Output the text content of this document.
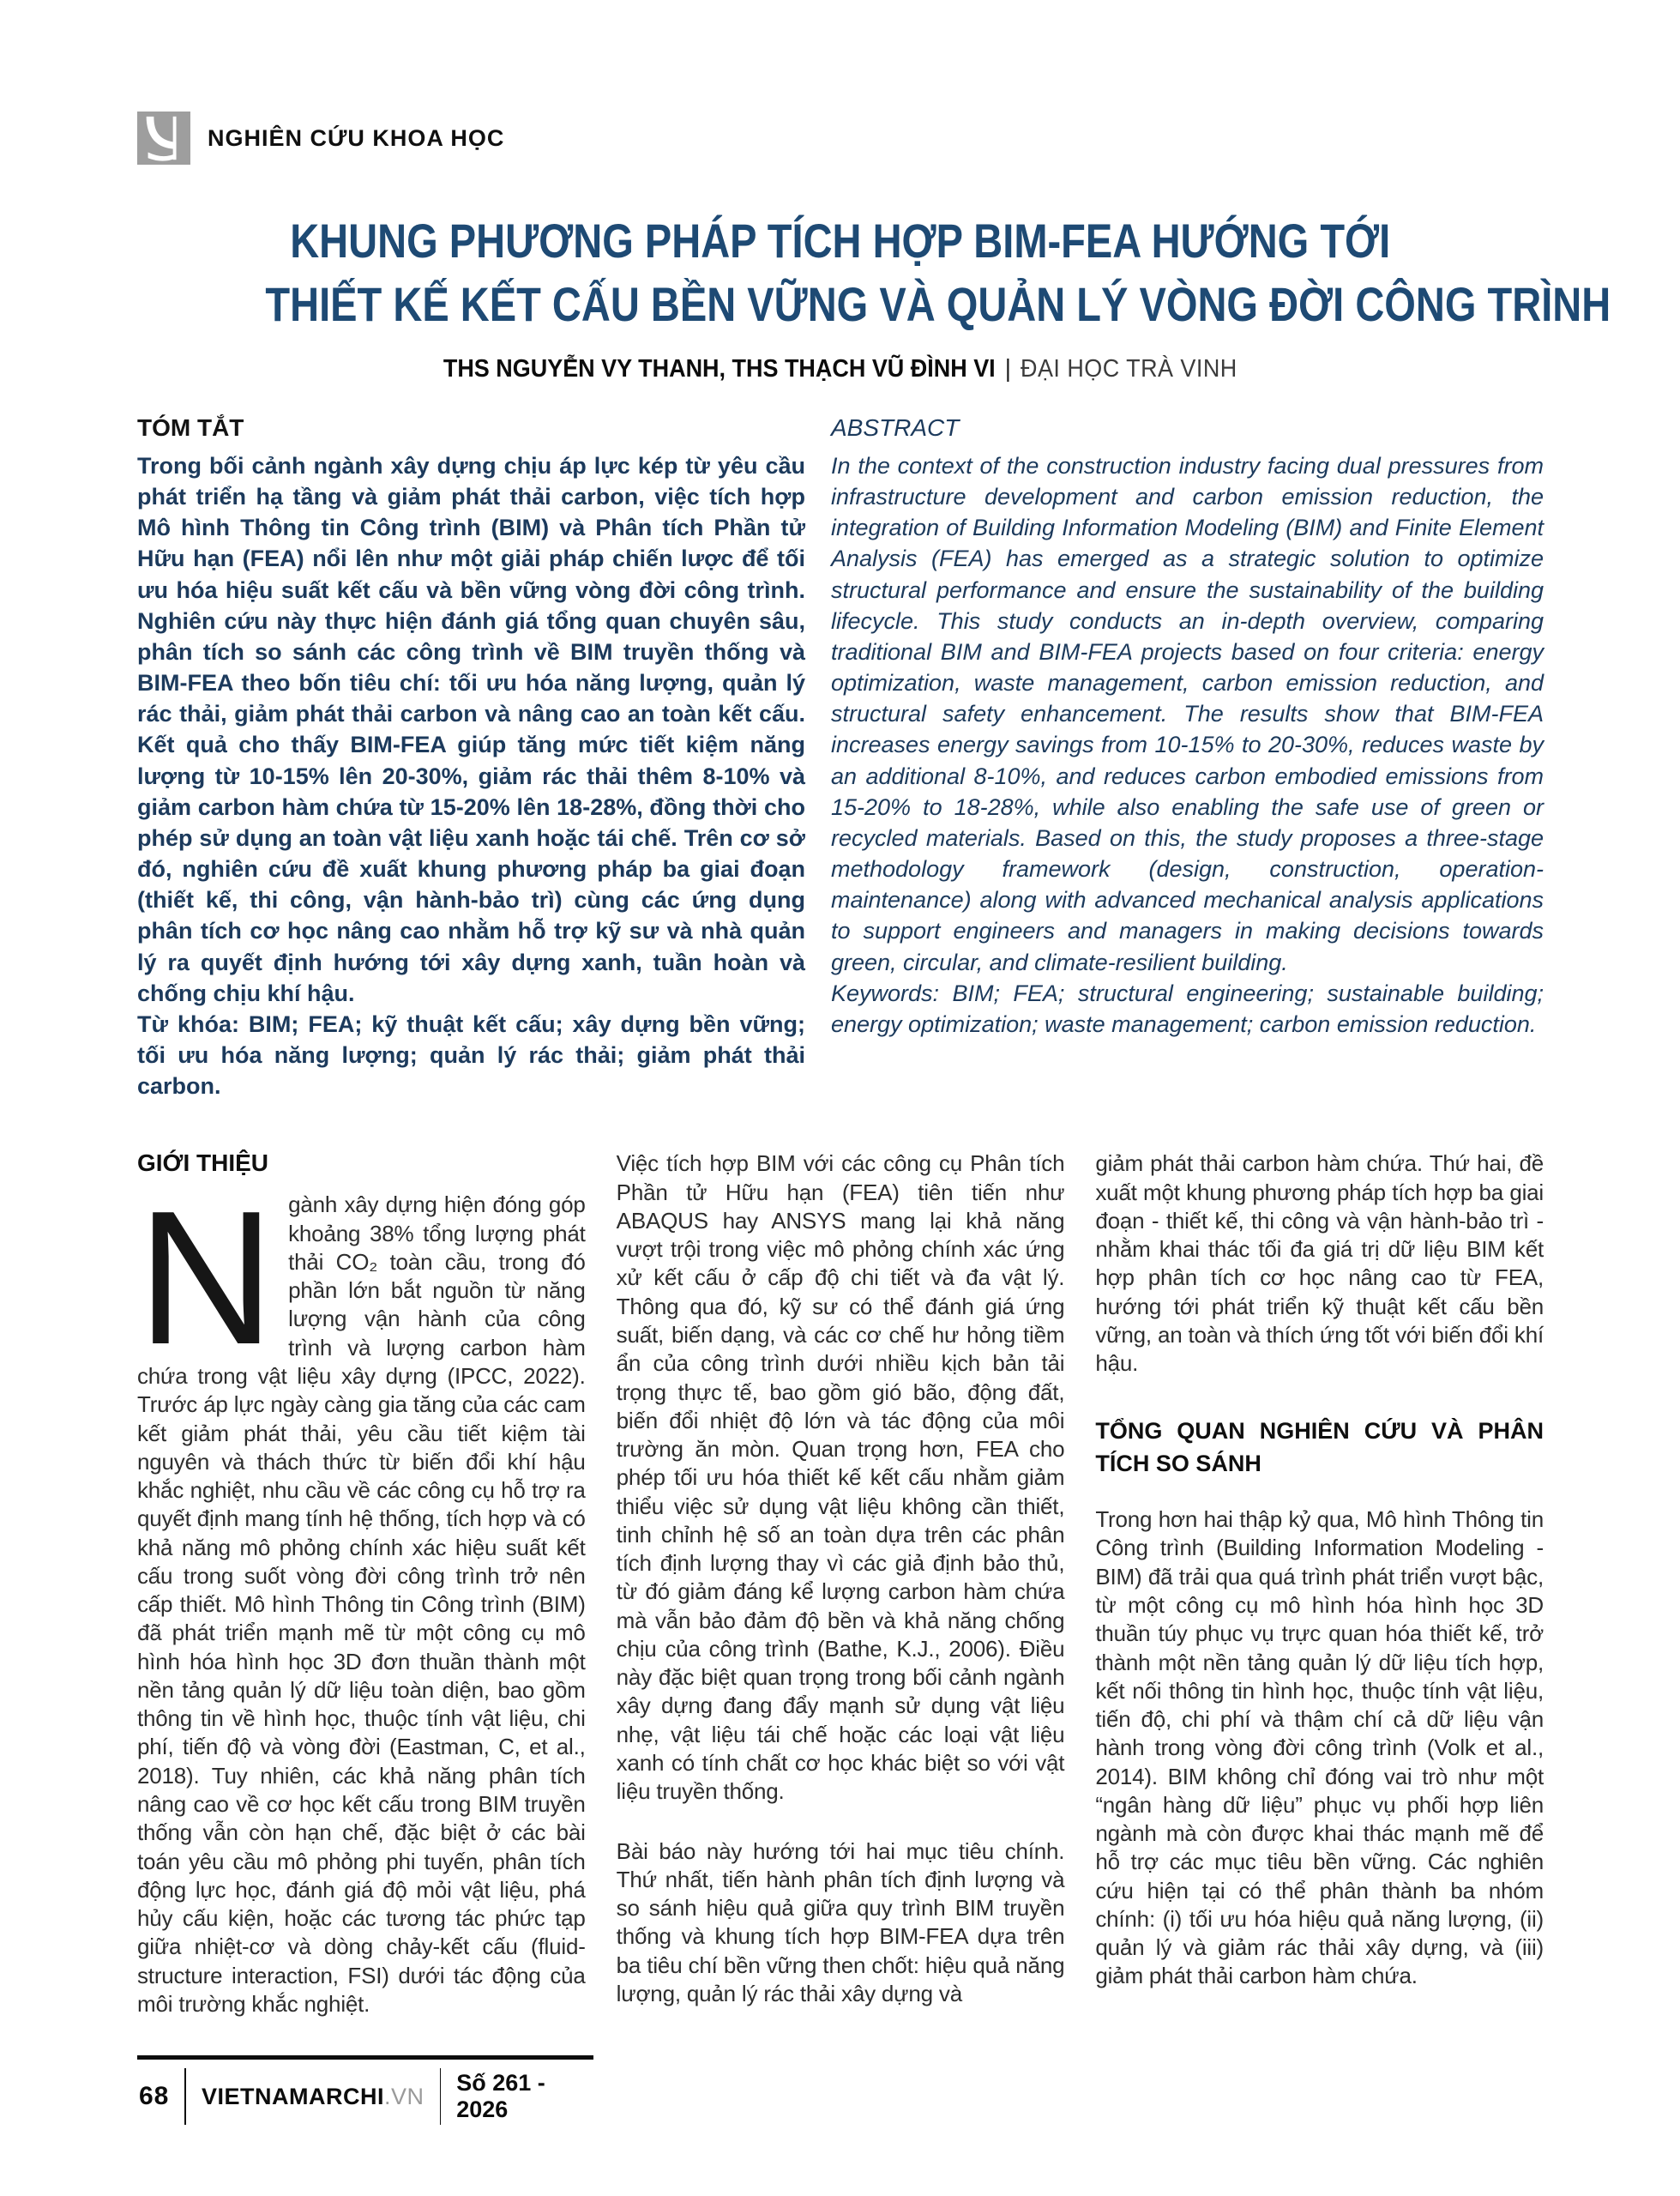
NGHIÊN CỨU KHOA HỌC
KHUNG PHƯƠNG PHÁP TÍCH HỢP BIM-FEA HƯỚNG TỚI
THIẾT KẾ KẾT CẤU BỀN VỮNG VÀ QUẢN LÝ VÒNG ĐỜI CÔNG TRÌNH
THS NGUYỄN VY THANH, THS THẠCH VŨ ĐÌNH VI | ĐẠI HỌC TRÀ VINH
TÓM TẮT

Trong bối cảnh ngành xây dựng chịu áp lực kép từ yêu cầu phát triển hạ tầng và giảm phát thải carbon, việc tích hợp Mô hình Thông tin Công trình (BIM) và Phân tích Phần tử Hữu hạn (FEA) nổi lên như một giải pháp chiến lược để tối ưu hóa hiệu suất kết cấu và bền vững vòng đời công trình. Nghiên cứu này thực hiện đánh giá tổng quan chuyên sâu, phân tích so sánh các công trình về BIM truyền thống và BIM-FEA theo bốn tiêu chí: tối ưu hóa năng lượng, quản lý rác thải, giảm phát thải carbon và nâng cao an toàn kết cấu. Kết quả cho thấy BIM-FEA giúp tăng mức tiết kiệm năng lượng từ 10-15% lên 20-30%, giảm rác thải thêm 8-10% và giảm carbon hàm chứa từ 15-20% lên 18-28%, đồng thời cho phép sử dụng an toàn vật liệu xanh hoặc tái chế. Trên cơ sở đó, nghiên cứu đề xuất khung phương pháp ba giai đoạn (thiết kế, thi công, vận hành-bảo trì) cùng các ứng dụng phân tích cơ học nâng cao nhằm hỗ trợ kỹ sư và nhà quản lý ra quyết định hướng tới xây dựng xanh, tuần hoàn và chống chịu khí hậu.

Từ khóa: BIM; FEA; kỹ thuật kết cấu; xây dựng bền vững; tối ưu hóa năng lượng; quản lý rác thải; giảm phát thải carbon.

ABSTRACT

In the context of the construction industry facing dual pressures from infrastructure development and carbon emission reduction, the integration of Building Information Modeling (BIM) and Finite Element Analysis (FEA) has emerged as a strategic solution to optimize structural performance and ensure the sustainability of the building lifecycle. This study conducts an in-depth overview, comparing traditional BIM and BIM-FEA projects based on four criteria: energy optimization, waste management, carbon emission reduction, and structural safety enhancement. The results show that BIM-FEA increases energy savings from 10-15% to 20-30%, reduces waste by an additional 8-10%, and reduces carbon embodied emissions from 15-20% to 18-28%, while also enabling the safe use of green or recycled materials. Based on this, the study proposes a three-stage methodology framework (design, construction, operation-maintenance) along with advanced mechanical analysis applications to support engineers and managers in making decisions towards green, circular, and climate-resilient building.

Keywords: BIM; FEA; structural engineering; sustainable building; energy optimization; waste management; carbon emission reduction.

GIỚI THIỆU

Ngành xây dựng hiện đóng góp khoảng 38% tổng lượng phát thải CO₂ toàn cầu, trong đó phần lớn bắt nguồn từ năng lượng vận hành của công trình và lượng carbon hàm chứa trong vật liệu xây dựng (IPCC, 2022). Trước áp lực ngày càng gia tăng của các cam kết giảm phát thải, yêu cầu tiết kiệm tài nguyên và thách thức từ biến đổi khí hậu khắc nghiệt, nhu cầu về các công cụ hỗ trợ ra quyết định mang tính hệ thống, tích hợp và có khả năng mô phỏng chính xác hiệu suất kết cấu trong suốt vòng đời công trình trở nên cấp thiết. Mô hình Thông tin Công trình (BIM) đã phát triển mạnh mẽ từ một công cụ mô hình hóa hình học 3D đơn thuần thành một nền tảng quản lý dữ liệu toàn diện, bao gồm thông tin về hình học, thuộc tính vật liệu, chi phí, tiến độ và vòng đời (Eastman, C, et al., 2018). Tuy nhiên, các khả năng phân tích nâng cao về cơ học kết cấu trong BIM truyền thống vẫn còn hạn chế, đặc biệt ở các bài toán yêu cầu mô phỏng phi tuyến, phân tích động lực học, đánh giá độ mỏi vật liệu, phá hủy cấu kiện, hoặc các tương tác phức tạp giữa nhiệt-cơ và dòng chảy-kết cấu (fluid-structure interaction, FSI) dưới tác động của môi trường khắc nghiệt.

Việc tích hợp BIM với các công cụ Phân tích Phần tử Hữu hạn (FEA) tiên tiến như ABAQUS hay ANSYS mang lại khả năng vượt trội trong việc mô phỏng chính xác ứng xử kết cấu ở cấp độ chi tiết và đa vật lý. Thông qua đó, kỹ sư có thể đánh giá ứng suất, biến dạng, và các cơ chế hư hỏng tiềm ẩn của công trình dưới nhiều kịch bản tải trọng thực tế, bao gồm gió bão, động đất, biến đổi nhiệt độ lớn và tác động của môi trường ăn mòn. Quan trọng hơn, FEA cho phép tối ưu hóa thiết kế kết cấu nhằm giảm thiểu việc sử dụng vật liệu không cần thiết, tinh chỉnh hệ số an toàn dựa trên các phân tích định lượng thay vì các giả định bảo thủ, từ đó giảm đáng kể lượng carbon hàm chứa mà vẫn bảo đảm độ bền và khả năng chống chịu của công trình (Bathe, K.J., 2006). Điều này đặc biệt quan trọng trong bối cảnh ngành xây dựng đang đẩy mạnh sử dụng vật liệu nhẹ, vật liệu tái chế hoặc các loại vật liệu xanh có tính chất cơ học khác biệt so với vật liệu truyền thống.

Bài báo này hướng tới hai mục tiêu chính. Thứ nhất, tiến hành phân tích định lượng và so sánh hiệu quả giữa quy trình BIM truyền thống và khung tích hợp BIM-FEA dựa trên ba tiêu chí bền vững then chốt: hiệu quả năng lượng, quản lý rác thải xây dựng và

giảm phát thải carbon hàm chứa. Thứ hai, đề xuất một khung phương pháp tích hợp ba giai đoạn - thiết kế, thi công và vận hành-bảo trì - nhằm khai thác tối đa giá trị dữ liệu BIM kết hợp phân tích cơ học nâng cao từ FEA, hướng tới phát triển kỹ thuật kết cấu bền vững, an toàn và thích ứng tốt với biến đổi khí hậu.

TỔNG QUAN NGHIÊN CỨU VÀ PHÂN TÍCH SO SÁNH

Trong hơn hai thập kỷ qua, Mô hình Thông tin Công trình (Building Information Modeling - BIM) đã trải qua quá trình phát triển vượt bậc, từ một công cụ mô hình hóa hình học 3D thuần túy phục vụ trực quan hóa thiết kế, trở thành một nền tảng quản lý dữ liệu tích hợp, kết nối thông tin hình học, thuộc tính vật liệu, tiến độ, chi phí và thậm chí cả dữ liệu vận hành trong vòng đời công trình (Volk et al., 2014). BIM không chỉ đóng vai trò như một “ngân hàng dữ liệu” phục vụ phối hợp liên ngành mà còn được khai thác mạnh mẽ để hỗ trợ các mục tiêu bền vững. Các nghiên cứu hiện tại có thể phân thành ba nhóm chính: (i) tối ưu hóa hiệu quả năng lượng, (ii) quản lý và giảm rác thải xây dựng, và (iii) giảm phát thải carbon hàm chứa.

68 VIETNAMARCHI.VN
Số 261 - 2026
